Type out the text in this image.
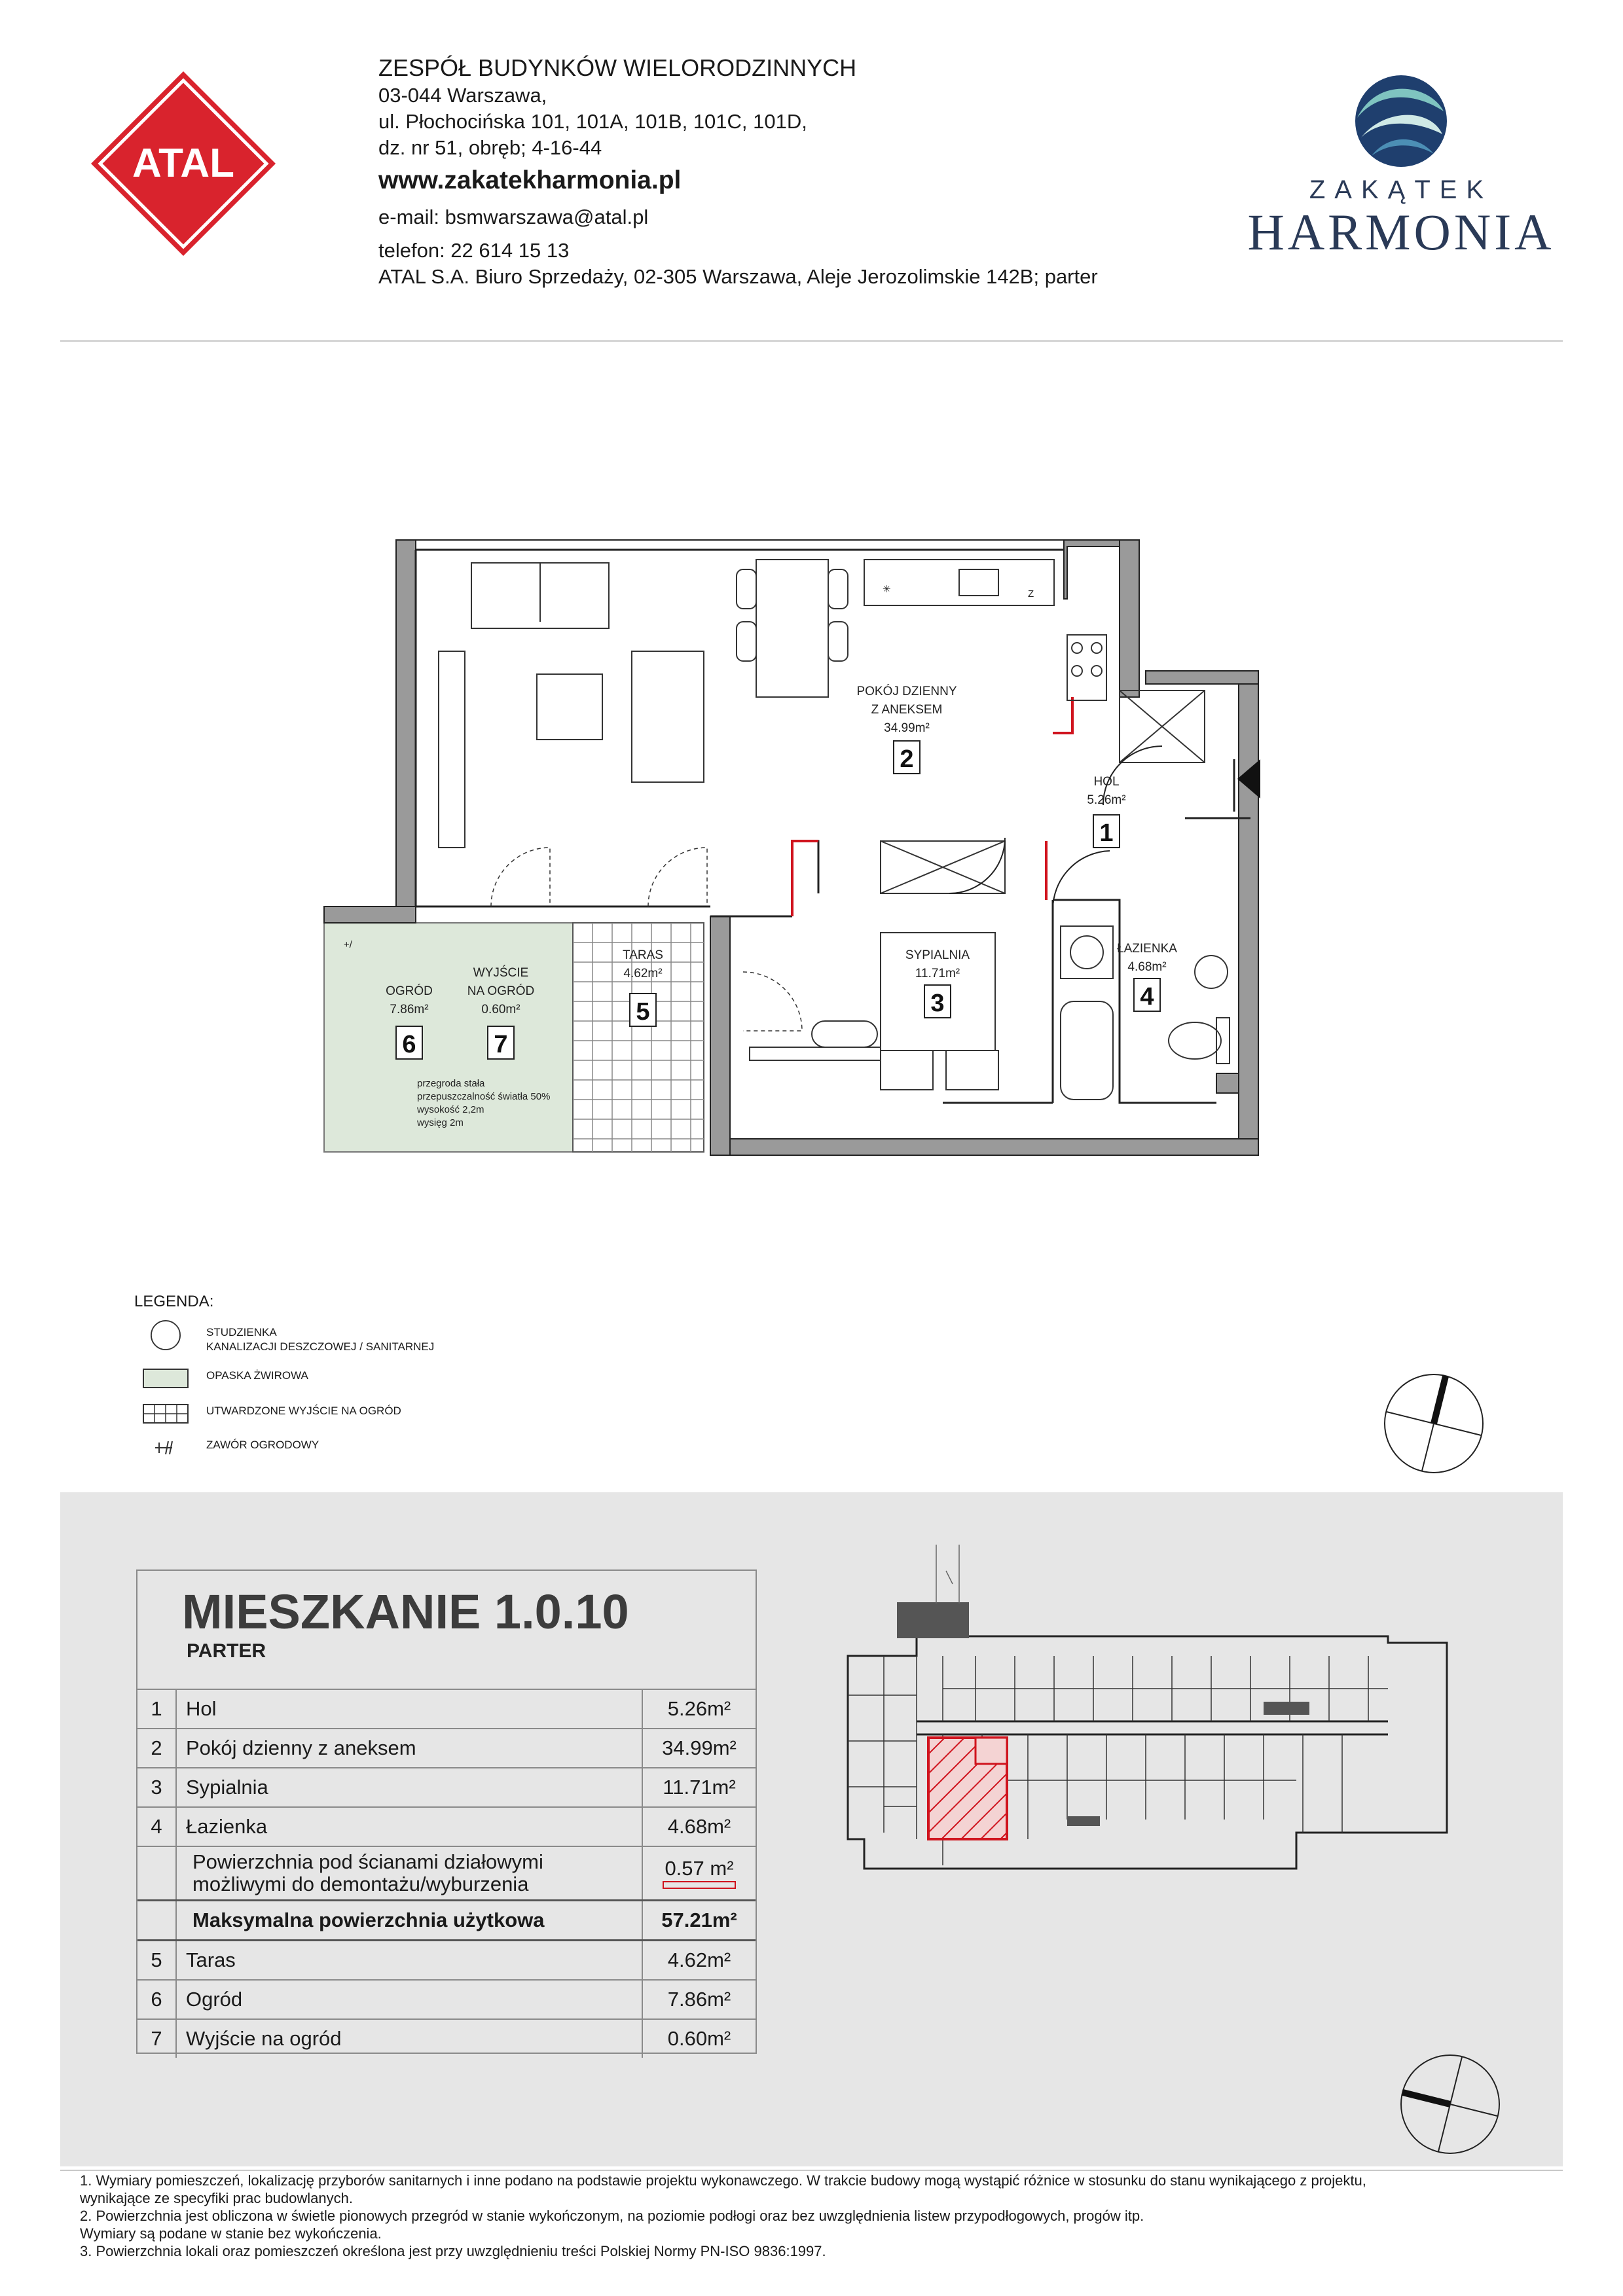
ATAL
ZESPÓŁ BUDYNKÓW WIELORODZINNYCH
03-044 Warszawa,
ul. Płochocińska 101, 101A, 101B, 101C, 101D,
dz. nr 51, obręb; 4-16-44
www.zakatekharmonia.pl
e-mail: bsmwarszawa@atal.pl
telefon: 22 614 15 13
ATAL S.A. Biuro Sprzedaży, 02-305 Warszawa, Aleje Jerozolimskie 142B; parter
ZAKĄTEK
HARMONIA
Z
✳
POKÓJ DZIENNY
Z ANEKSEM
34.99m²
2
HOL
5.26m²
1
SYPIALNIA
11.71m²
3
ŁAZIENKA
4.68m²
4
TARAS
4.62m²
5
OGRÓD
7.86m²
6
WYJŚCIE
NA OGRÓD
0.60m²
7
przegroda stała
przepuszczalność światła 50%
wysokość 2,2m
wysięg 2m
+/
LEGENDA:
STUDZIENKA
KANALIZACJI DESZCZOWEJ / SANITARNEJ
OPASKA ŻWIROWA
UTWARDZONE WYJŚCIE NA OGRÓD
ZAWÓR OGRODOWY
MIESZKANIE 1.0.10
PARTER
1	Hol	5.26m²
2	Pokój dzienny z aneksem	34.99m²
3	Sypialnia	11.71m²
4	Łazienka	4.68m²

	Powierzchnia pod ścianami działowymi
możliwymi do demontażu/wyburzenia	0.57 m²

	Maksymalna powierzchnia użytkowa	57.21m²
5	Taras	4.62m²
6	Ogród	7.86m²
7	Wyjście na ogród	0.60m²
1. Wymiary pomieszczeń, lokalizację przyborów sanitarnych i inne podano na podstawie projektu wykonawczego. W trakcie budowy mogą wystąpić różnice w stosunku do stanu wynikającego z projektu,
wynikające ze specyfiki prac budowlanych.
2. Powierzchnia jest obliczona w świetle pionowych przegród w stanie wykończonym, na poziomie podłogi oraz bez uwzględnienia listew przypodłogowych, progów itp.
Wymiary są podane w stanie bez wykończenia.
3. Powierzchnia lokali oraz pomieszczeń określona jest przy uwzględnieniu treści Polskiej Normy PN-ISO 9836:1997.
